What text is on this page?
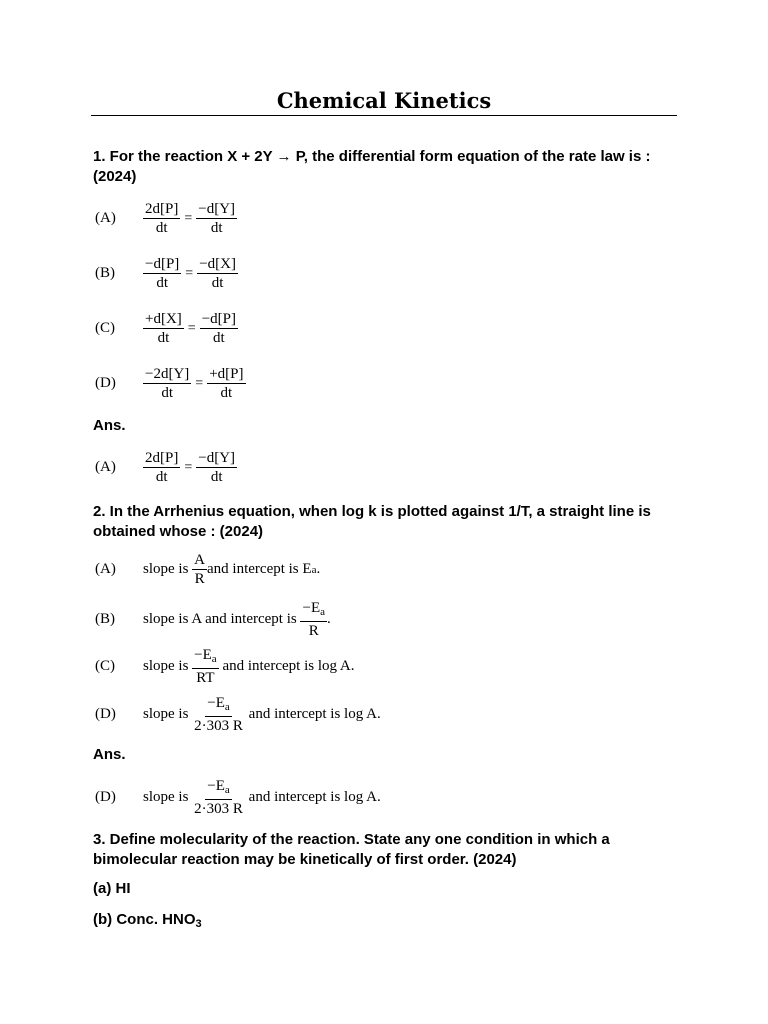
Chemical Kinetics

1. For the reaction X + 2Y → P, the differential form equation of the rate law is : (2024)

(A)	$\frac{2d[P]}{dt} = \frac{-d[Y]}{dt}$
(B)	$\frac{-d[P]}{dt} = \frac{-d[X]}{dt}$
(C)	$\frac{+d[X]}{dt} = \frac{-d[P]}{dt}$
(D)	$\frac{-2d[Y]}{dt} = \frac{+d[P]}{dt}$
Ans.
(A)	$\frac{2d[P]}{dt} = \frac{-d[Y]}{dt}$

2. In the Arrhenius equation, when log k is plotted against 1/T, a straight line is obtained whose : (2024)

(A)	slope is
$\frac{A}{R}$ and intercept is E a .
(B)	slope is A and intercept is
$\frac{-E_a}{R}$ .
(C)	slope is
$\frac{-E_a}{RT}$
and intercept is log A.
(D)	slope is
$\frac{-E_a}{2\cdot 303 R}$
and intercept is log A.
Ans.
(D)	slope is
$\frac{-E_a}{2\cdot 303 R}$
and intercept is log A.

3. Define molecularity of the reaction. State any one condition in which a bimolecular reaction may be kinetically of first order. (2024)

(a) HI
(b) Conc. $HNO_3$
